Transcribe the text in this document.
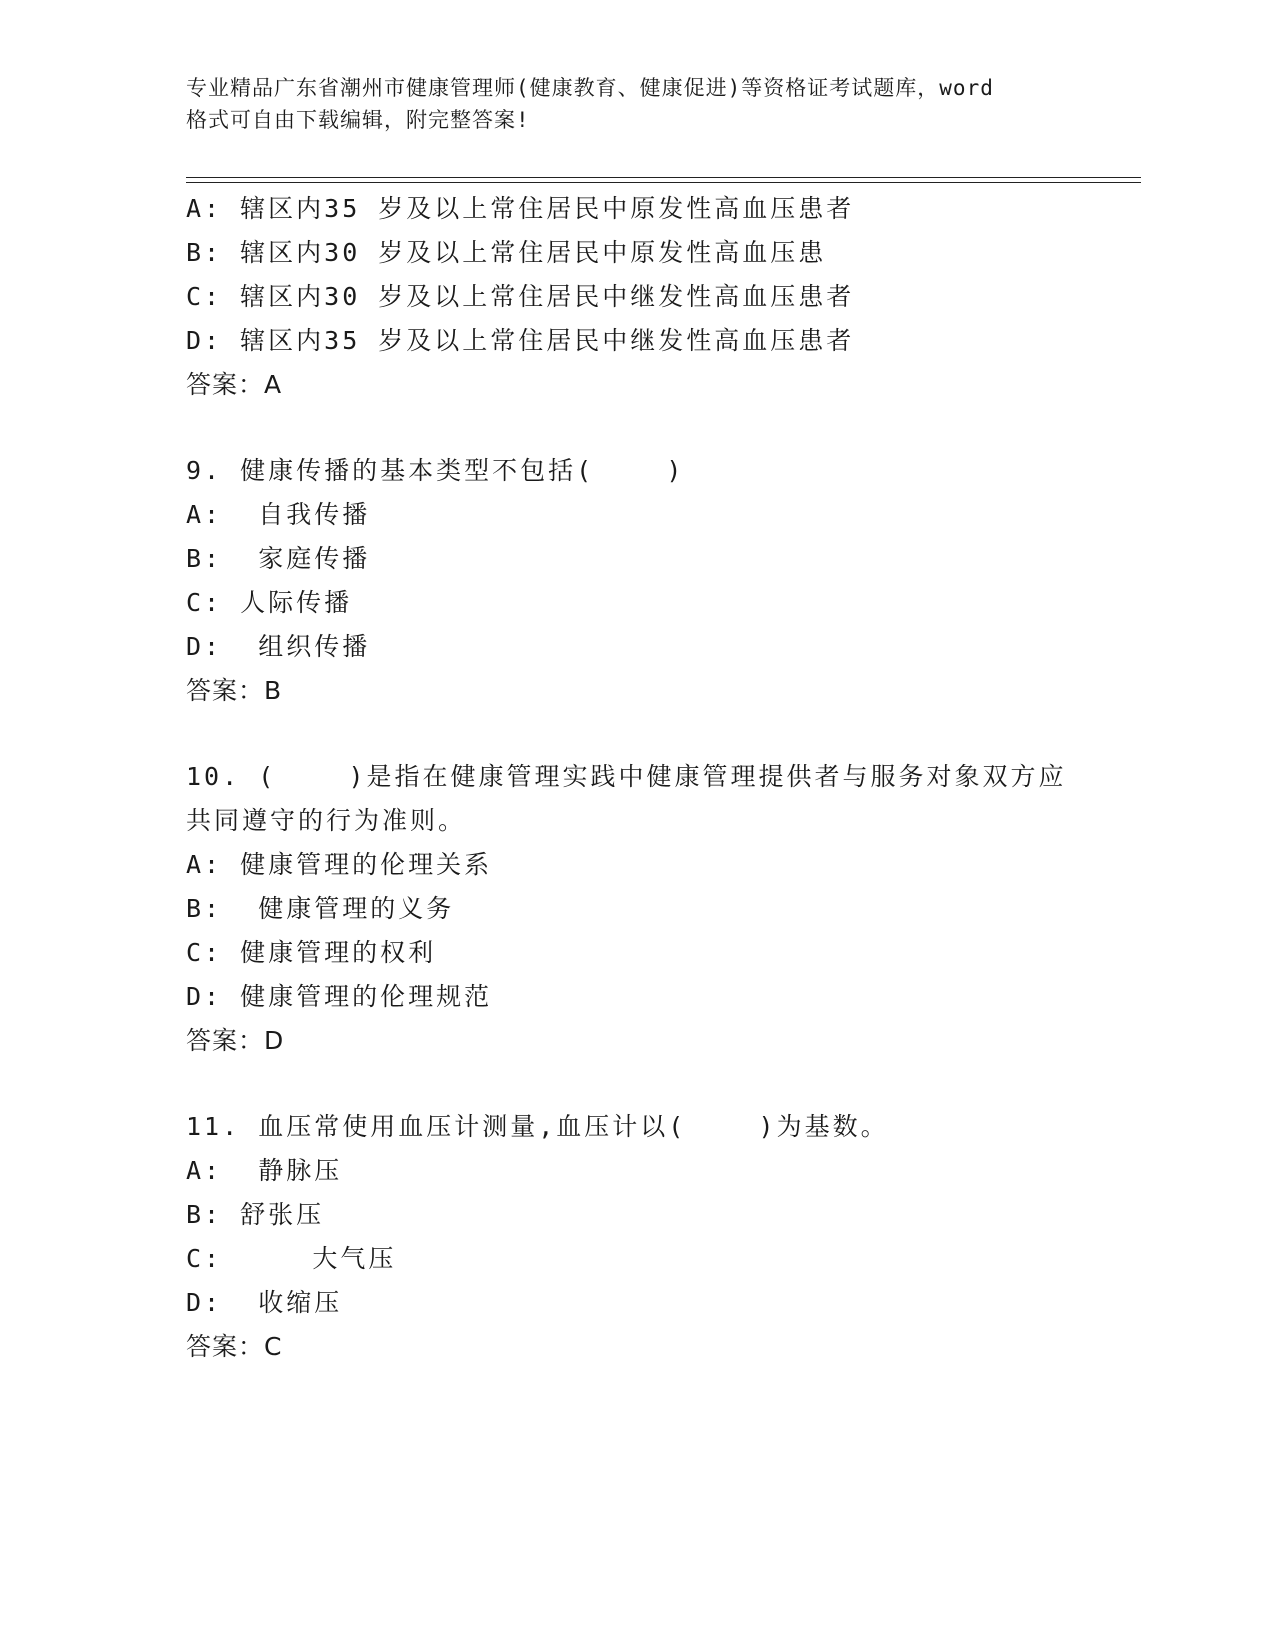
专业精品广东省潮州市健康管理师(健康教育、健康促进)等资格证考试题库，word
格式可自由下载编辑，附完整答案!
A: 辖区内35 岁及以上常住居民中原发性高血压患者
B: 辖区内30 岁及以上常住居民中原发性高血压患
C: 辖区内30 岁及以上常住居民中继发性高血压患者
D: 辖区内35 岁及以上常住居民中继发性高血压患者
答案：A
9. 健康传播的基本类型不包括(    )
A:  自我传播
B:  家庭传播
C: 人际传播
D:  组织传播
答案：B
10. (    )是指在健康管理实践中健康管理提供者与服务对象双方应
共同遵守的行为准则。
A: 健康管理的伦理关系
B:  健康管理的义务
C: 健康管理的权利
D: 健康管理的伦理规范
答案：D
11. 血压常使用血压计测量,血压计以(    )为基数。
A:  静脉压
B: 舒张压
C:     大气压
D:  收缩压
答案：C
